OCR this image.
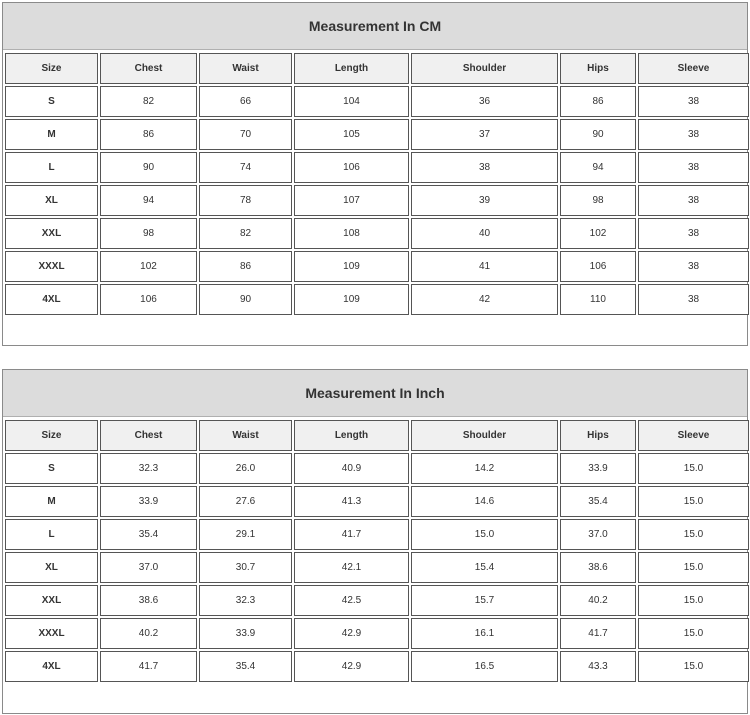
Measurement In CM
Size	Chest	Waist	Length	Shoulder	Hips	Sleeve
S	82	66	104	36	86	38
M	86	70	105	37	90	38
L	90	74	106	38	94	38
XL	94	78	107	39	98	38
XXL	98	82	108	40	102	38
XXXL	102	86	109	41	106	38
4XL	106	90	109	42	110	38
Measurement In Inch
Size	Chest	Waist	Length	Shoulder	Hips	Sleeve
S	32.3	26.0	40.9	14.2	33.9	15.0
M	33.9	27.6	41.3	14.6	35.4	15.0
L	35.4	29.1	41.7	15.0	37.0	15.0
XL	37.0	30.7	42.1	15.4	38.6	15.0
XXL	38.6	32.3	42.5	15.7	40.2	15.0
XXXL	40.2	33.9	42.9	16.1	41.7	15.0
4XL	41.7	35.4	42.9	16.5	43.3	15.0
